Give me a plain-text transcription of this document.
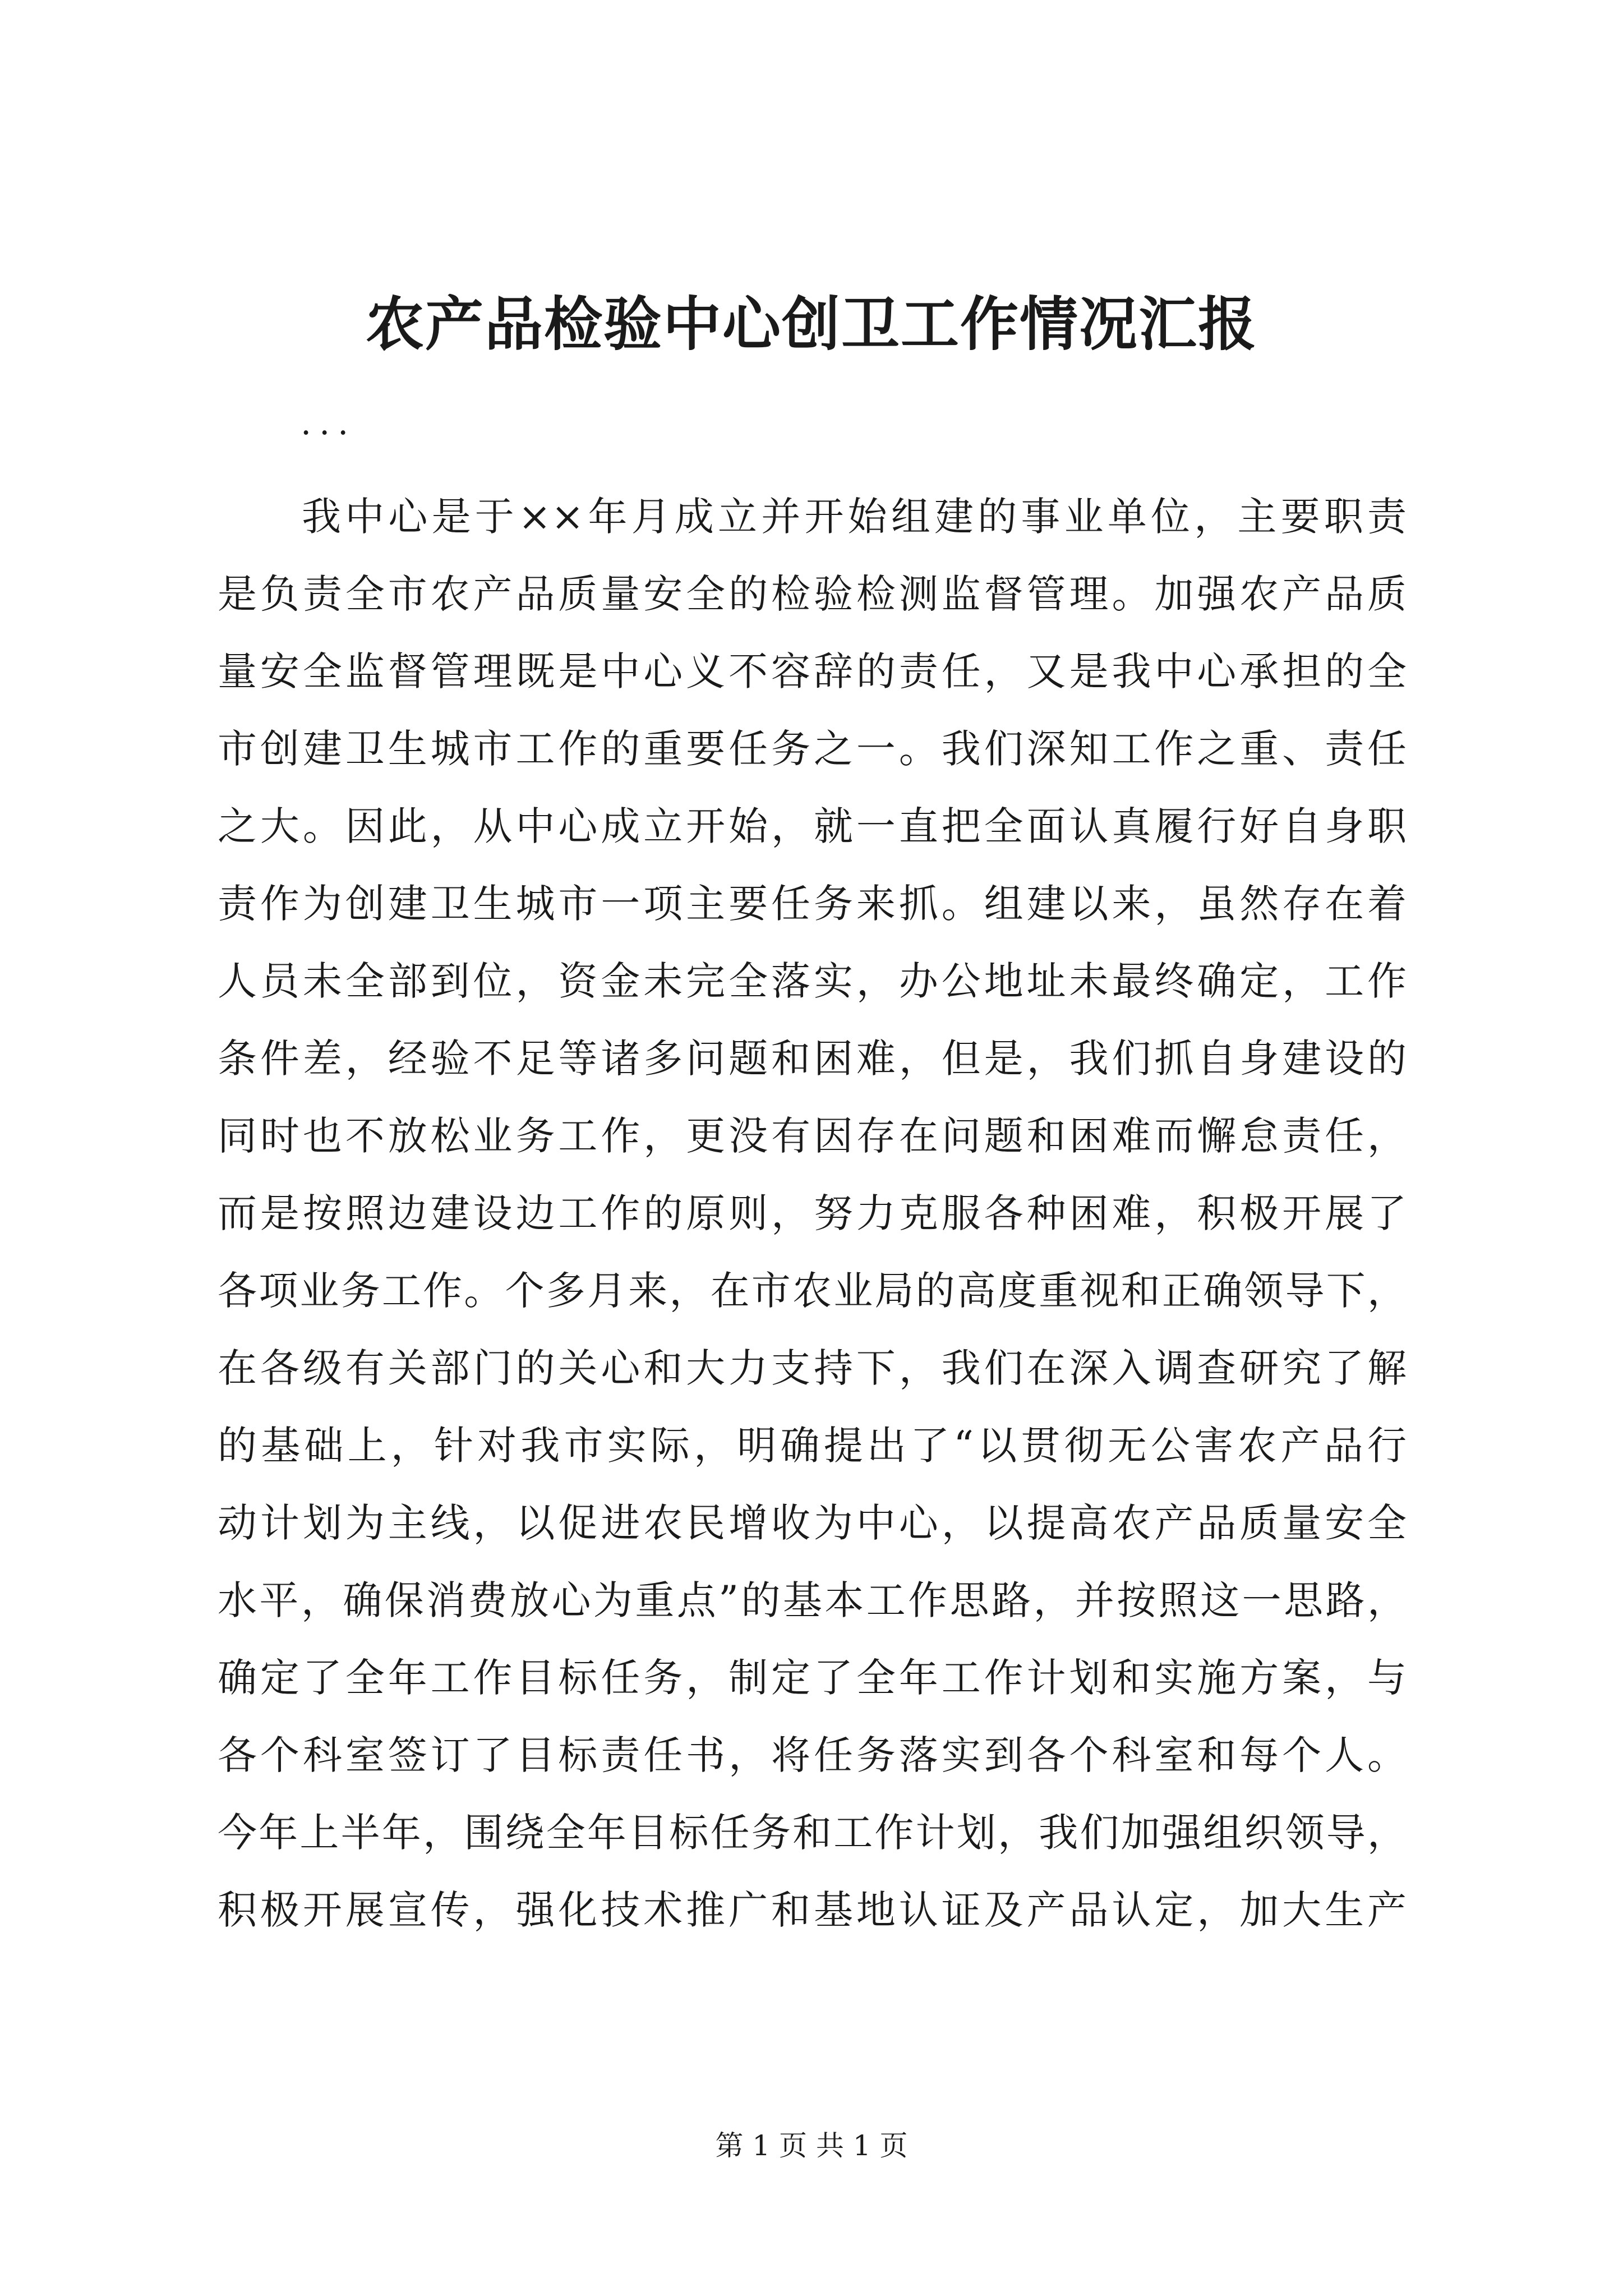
农产品检验中心创卫工作情况汇报
...
我中心是于××年月成立并开始组建的事业单位，主要职责
是负责全市农产品质量安全的检验检测监督管理。加强农产品质
量安全监督管理既是中心义不容辞的责任，又是我中心承担的全
市创建卫生城市工作的重要任务之一。我们深知工作之重、责任
之大。因此，从中心成立开始，就一直把全面认真履行好自身职
责作为创建卫生城市一项主要任务来抓。组建以来，虽然存在着
人员未全部到位，资金未完全落实，办公地址未最终确定，工作
条件差，经验不足等诸多问题和困难，但是，我们抓自身建设的
同时也不放松业务工作，更没有因存在问题和困难而懈怠责任，
而是按照边建设边工作的原则，努力克服各种困难，积极开展了
各项业务工作。个多月来，在市农业局的高度重视和正确领导下，
在各级有关部门的关心和大力支持下，我们在深入调查研究了解
的基础上，针对我市实际，明确提出了“以贯彻无公害农产品行
动计划为主线，以促进农民增收为中心，以提高农产品质量安全
水平，确保消费放心为重点”的基本工作思路，并按照这一思路，
确定了全年工作目标任务，制定了全年工作计划和实施方案，与
各个科室签订了目标责任书，将任务落实到各个科室和每个人。
今年上半年，围绕全年目标任务和工作计划，我们加强组织领导，
积极开展宣传，强化技术推广和基地认证及产品认定，加大生产
第 1 页 共 1 页
